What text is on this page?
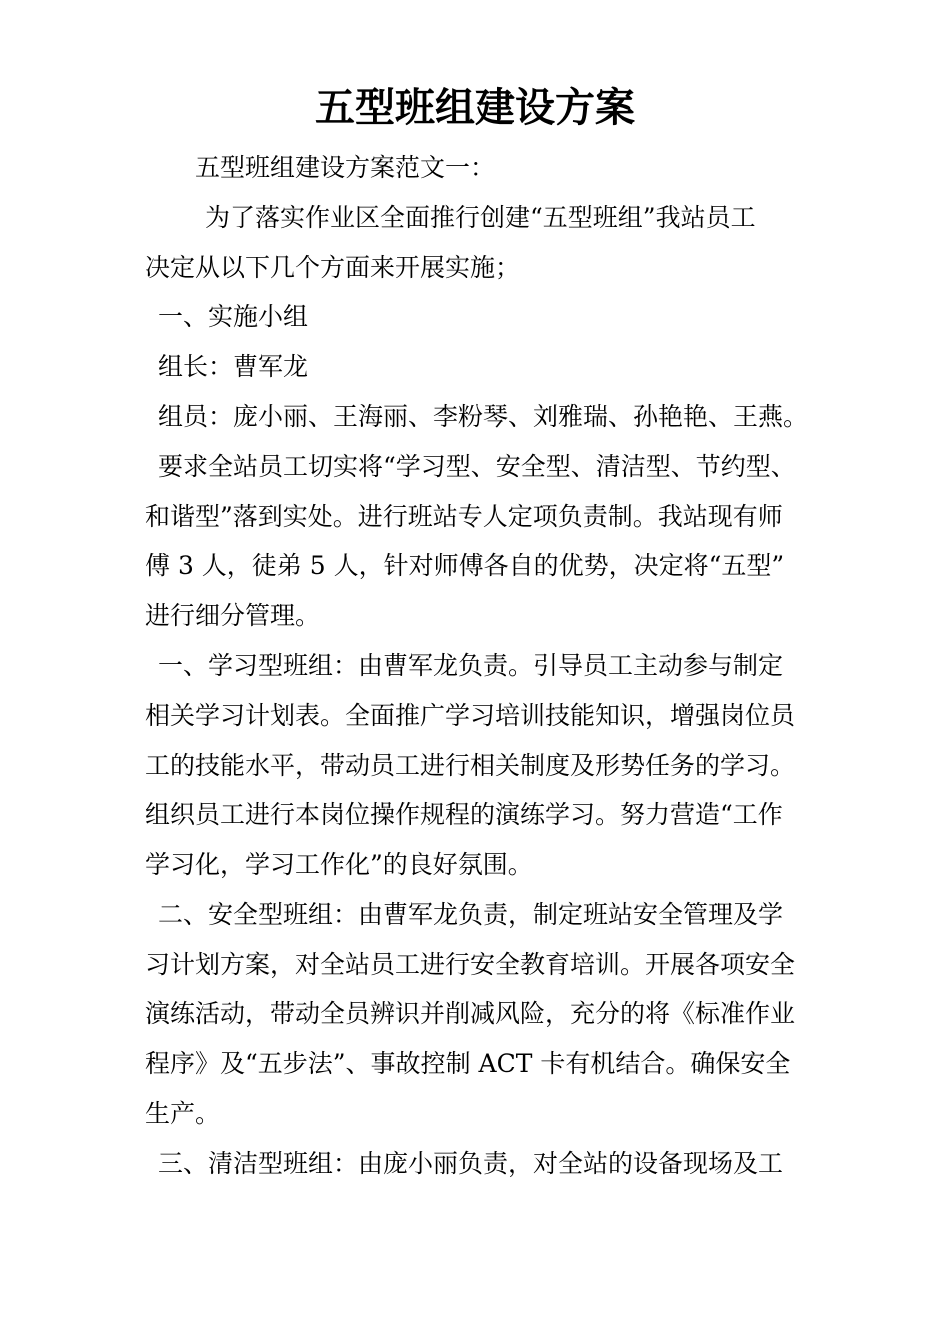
五型班组建设方案

五型班组建设方案范文一：

为了落实作业区全面推行创建“五型班组”我站员工

决定从以下几个方面来开展实施；

一、实施小组

组长：曹军龙

组员：庞小丽、王海丽、李粉琴、刘雅瑞、孙艳艳、王燕。

要求全站员工切实将“学习型、安全型、清洁型、节约型、

和谐型”落到实处。进行班站专人定项负责制。我站现有师

傅 3 人，徒弟 5 人，针对师傅各自的优势，决定将“五型”

进行细分管理。

一、学习型班组：由曹军龙负责。引导员工主动参与制定

相关学习计划表。全面推广学习培训技能知识，增强岗位员

工的技能水平，带动员工进行相关制度及形势任务的学习。

组织员工进行本岗位操作规程的演练学习。努力营造“工作

学习化，学习工作化”的良好氛围。

二、安全型班组：由曹军龙负责，制定班站安全管理及学

习计划方案，对全站员工进行安全教育培训。开展各项安全

演练活动，带动全员辨识并削减风险，充分的将《标准作业

程序》及“五步法”、事故控制 ACT 卡有机结合。确保安全

生产。

三、清洁型班组：由庞小丽负责，对全站的设备现场及工
